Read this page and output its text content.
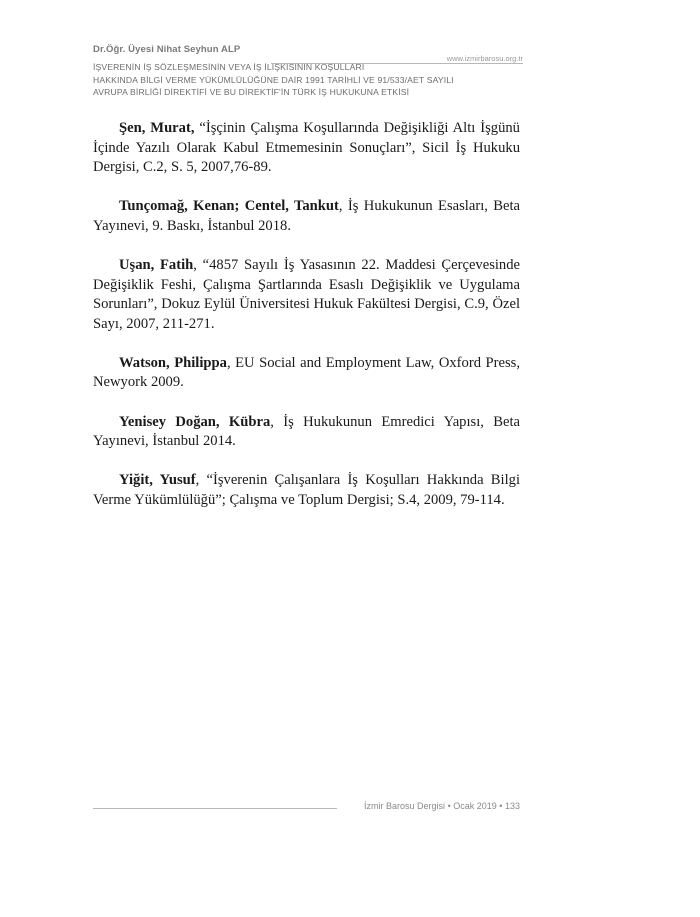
Dr.Öğr. Üyesi Nihat Seyhun ALP
www.izmirbarosu.org.tr
İŞVERENİN İŞ SÖZLEŞMESİNİN VEYA İŞ İLİŞKİSİNİN KOŞULLARI
HAKKINDA BİLGİ VERME YÜKÜMLÜLÜĞÜNE DAİR 1991 TARİHLİ VE 91/533/AET SAYILI
AVRUPA BİRLİĞİ DİREKTİFİ VE BU DİREKTİF'İN TÜRK İŞ HUKUKUNA ETKİSİ

Şen, Murat, “İşçinin Çalışma Koşullarında Değişikliği Altı İşgünü İçinde Yazılı Olarak Kabul Etmemesinin Sonuçları”, Sicil İş Hukuku Dergisi, C.2, S. 5, 2007,76-89.

Tunçomağ, Kenan; Centel, Tankut, İş Hukukunun Esasları, Beta Yayınevi, 9. Baskı, İstanbul 2018.

Uşan, Fatih, “4857 Sayılı İş Yasasının 22. Maddesi Çerçevesinde Değişiklik Feshi, Çalışma Şartlarında Esaslı Değişiklik ve Uygulama Sorunları”, Dokuz Eylül Üniversitesi Hukuk Fakültesi Dergisi, C.9, Özel Sayı, 2007, 211-271.

Watson, Philippa, EU Social and Employment Law, Oxford Press, Newyork 2009.

Yenisey Doğan, Kübra, İş Hukukunun Emredici Yapısı, Beta Yayınevi, İstanbul 2014.

Yiğit, Yusuf, “İşverenin Çalışanlara İş Koşulları Hakkında Bilgi Verme Yükümlülüğü”; Çalışma ve Toplum Dergisi; S.4, 2009, 79-114.

İzmir Barosu Dergisi • Ocak 2019 • 133
